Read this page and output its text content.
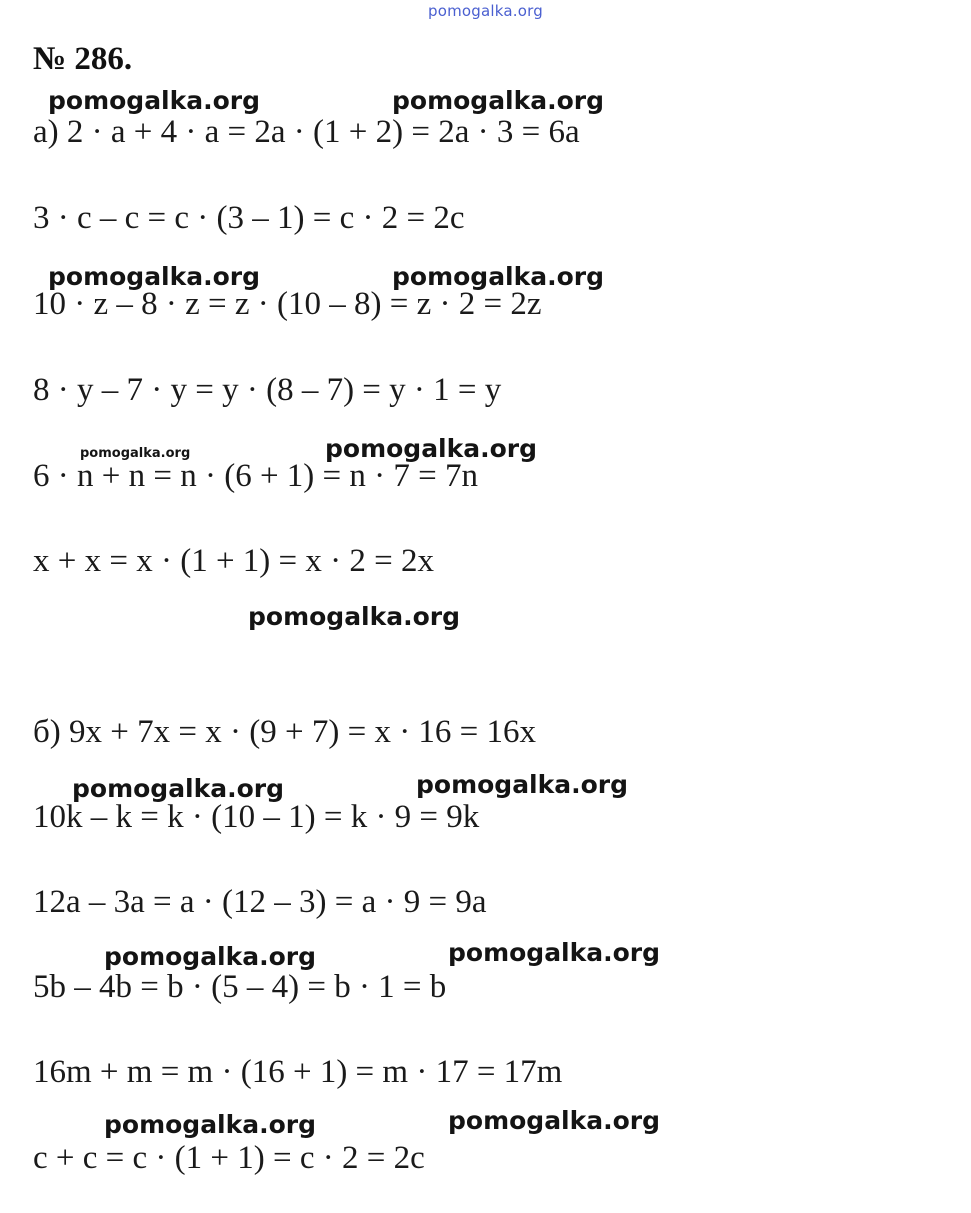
pomogalka.org
№ 286.
pomogalka.org	pomogalka.org
pomogalka.org	pomogalka.org
pomogalka.org	pomogalka.org
pomogalka.org
pomogalka.org	pomogalka.org
pomogalka.org	pomogalka.org
pomogalka.org	pomogalka.org
а) 2 · a + 4 · a = 2a · (1 + 2) = 2a · 3 = 6a
3 · c – c = c · (3 – 1) = c · 2 = 2c
10 · z – 8 · z = z · (10 – 8) = z · 2 = 2z
8 · y – 7 · y = y · (8 – 7) = y · 1 = y
6 · n + n = n · (6 + 1) = n · 7 = 7n
x + x = x · (1 + 1) = x · 2 = 2x
б) 9x + 7x = x · (9 + 7) = x · 16 = 16x
10k – k = k · (10 – 1) = k · 9 = 9k
12a – 3a = a · (12 – 3) = a · 9 = 9a
5b – 4b = b · (5 – 4) = b · 1 = b
16m + m = m · (16 + 1) = m · 17 = 17m
c + c = c · (1 + 1) = c · 2 = 2c
